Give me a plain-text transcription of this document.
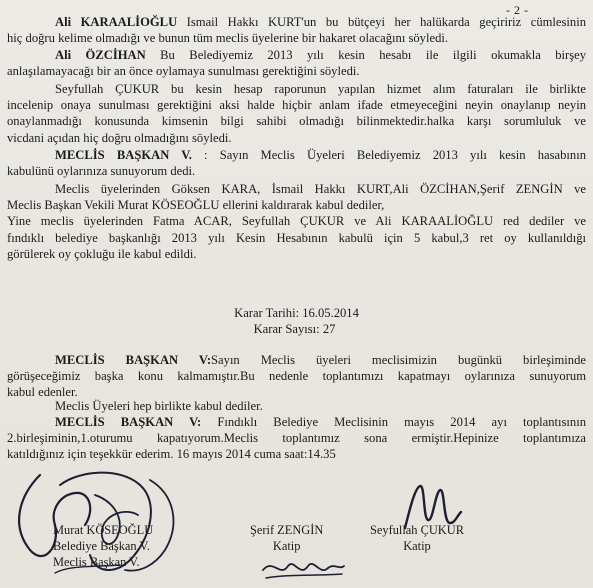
- 2 -
Ali KARAALİOĞLU Ismail Hakkı KURT'un bu bütçeyi her halükarda geçiririz cümlesinin
hiç doğru kelime olmadığı ve bunun tüm meclis üyelerine bir hakaret olacağını söyledi.
Ali ÖZCİHAN Bu Belediyemiz 2013 yılı kesin hesabı ile ilgili okumakla birşey
anlaşılamayacağı bir an önce oylamaya sunulması gerektiğini söyledi.
Seyfullah ÇUKUR bu kesin hesap raporunun yapılan hizmet alım faturaları ile birlikte
incelenip onaya sunulması gerektiğini aksi halde hiçbir anlam ifade etmeyeceğini neyin onaylanıp neyin
onaylanmadığı konusunda kimsenin bilgi sahibi olmadığı bilinmektedir.halka karşı sorumluluk ve
vicdani açıdan hiç doğru olmadığını söyledi.
MECLİS BAŞKAN V. : Sayın Meclis Üyeleri Belediyemiz 2013 yılı kesin hasabının
kabulünü oylarınıza sunuyorum dedi.
Meclis üyelerinden Göksen KARA, İsmail Hakkı KURT,Ali ÖZCİHAN,Şerif ZENGİN ve
Meclis Başkan Vekili Murat KÖSEOĞLU ellerini kaldırarak kabul dediler,
Yine meclis üyelerinden Fatma ACAR, Seyfullah ÇUKUR ve Ali KARAALİOĞLU red dediler ve
fındıklı belediye başkanlığı 2013 yılı Kesin Hesabının kabulü için 5 kabul,3 ret oy kullanıldığı
görülerek oy çokluğu ile kabul edildi.
Karar Tarihi: 16.05.2014
Karar Sayısı: 27
MECLİS BAŞKAN V:Sayın Meclis üyeleri meclisimizin bugünkü birleşiminde
görüşeceğimiz başka konu kalmamıştır.Bu nedenle toplantımızı kapatmayı oylarınıza sunuyorum
kabul edenler.
Meclis Üyeleri hep birlikte kabul dediler.
MECLİS BAŞKAN V: Fındıklı Belediye Meclisinin mayıs 2014 ayı toplantısının
2.birleşiminin,1.oturumu kapatıyorum.Meclis toplantımız sona ermiştir.Hepinize toplantımıza
katıldığınız için teşekkür ederim. 16 mayıs 2014 cuma saat:14.35
Murat KÖSEOĞLU
Belediye Başkan V.
Meclis Başkan V.
Şerif ZENGİN
Katip
Seyfullah ÇUKUR
Katip
